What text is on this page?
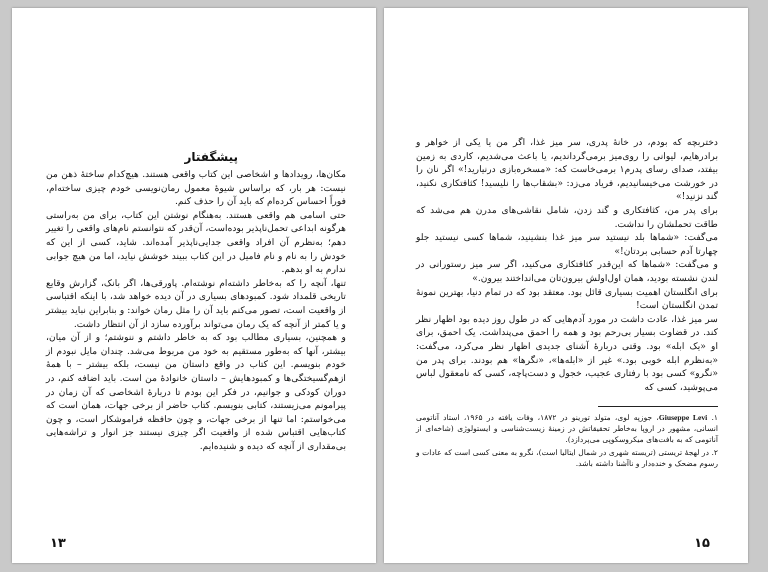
پیشگفتار

مکان‌ها، رویدادها و اشخاصی این کتاب واقعی هستند. هیچ‌کدام ساختهٔ ذهن من نیست: هر بار، که براساس شیوهٔ معمول رمان‌نویسی خودم چیزی ساخته‌ام، فوراً احساس کرده‌ام که باید آن را حذف کنم.

حتی اسامی هم واقعی هستند. به‌هنگام نوشتن این کتاب، برای من به‌راستی هرگونه ابداعی تحمل‌ناپذیر بوده‌است، آن‌قدر که نتوانستم نام‌های واقعی را تغییر دهم؛ به‌نظرم آن افراد واقعی جدایی‌ناپذیر آمده‌اند. شاید، کسی از این که خودش را به نام و نام فامیل در این کتاب ببیند خوشش نیاید، اما من هیچ جوابی ندارم به او بدهم.

تنها، آنچه را که به‌خاطر داشته‌ام نوشته‌ام. پاورقی‌ها، اگر بانک، گزارش وقایع تاریخی قلمداد شود. کمبودهای بسیاری در آن دیده خواهد شد، با اینکه اقتباسی از واقعیت است، تصور می‌کنم باید آن را مثل رمان خواند: و بنابراین نباید بیشتر و یا کمتر از آنچه که یک رمان می‌تواند برآورده سازد از آن انتظار داشت.

و همچنین، بسیاری مطالب بود که به خاطر داشتم و ننوشتم؛ و از آن میان، بیشتر، آنها که به‌طور مستقیم به خود من مربوط می‌شد. چندان مایل نبودم از خودم بنویسم. این کتاب در واقع داستان من نیست، بلکه بیشتر – با همهٔ ازهم‌گسیختگی‌ها و کمبودهایش – داستان خانوادهٔ من است. باید اضافه کنم، در دوران کودکی و جوانیم، در فکر این بودم تا دربارهٔ اشخاصی که آن زمان در پیرامونم می‌زیستند، کتابی بنویسم. کتاب حاضر از برخی جهات، همان است که می‌خواستم: اما تنها از برخی جهات، و چون حافظه فراموشکار است، و چون کتاب‌هایی اقتباس شده از واقعیت اگر چیزی نیستند جز انوار و تراشه‌هایی بی‌مقداری از آنچه که دیده و شنیده‌ایم.

۱۳

دختربچه که بودم، در خانهٔ پدری، سر میز غذا، اگر من یا یکی از خواهر و برادرهایم، لیوانی را روی‌میز برمی‌گرداندیم، یا باعث می‌شدیم، کاردی به زمین بیفتد، صدای رسای پدرم۱ برمی‌خاست که: «مسخره‌بازی درنیارید!» اگر نان را در خورشت می‌خیسانیدیم، فریاد می‌زد: «بشقاب‌ها را نلیسید! کثافتکاری نکنید، گند نزنید!»

برای پدر من، کثافتکاری و گند زدن، شامل نقاشی‌های مدرن هم می‌شد که طاقت تحملشان را نداشت.

می‌گفت: «شماها بلد نیستید سر میز غذا بنشینید، شماها کسی نیستید جلو چهارتا آدم حسابی بردتان!»

و می‌گفت: «شماها که این‌قدر کثافتکاری می‌کنید، اگر سر میز رستورانی در لندن نشسته بودید، همان اول‌اولش بیرون‌تان می‌انداختند بیرون.»

برای انگلستان اهمیت بسیاری قائل بود. معتقد بود که در تمام دنیا، بهترین نمونهٔ تمدن انگلستان است!

سر میز غذا، عادت داشت در مورد آدم‌هایی که در طول روز دیده بود اظهار نظر کند. در قضاوت بسیار بی‌رحم بود و همه را احمق می‌پنداشت. یک احمق، برای او «یک ابله» بود. وقتی دربارهٔ آشنای جدیدی اظهار نظر می‌کرد، می‌گفت: «به‌نظرم ابله خوبی بود.» غیر از «ابله‌ها»، «نگرها» هم بودند. برای پدر من «نگرو» کسی بود با رفتاری عجیب، خجول و دست‌پاچه، کسی که نامعقول لباس می‌پوشید، کسی که

۱. Giuseppe Levi، جوزپه لوی، متولد تورینو در ۱۸۷۲، وفات یافته در ۱۹۶۵، استاد آناتومی انسانی، مشهور در اروپا به‌خاطر تحقیقاتش در زمینهٔ زیست‌شناسی و ایستولوژی (شاخه‌ای از آناتومی که به بافت‌های میکروسکوپی می‌پردازد).

۲. در لهجهٔ تریستی (تریسته شهری در شمال ایتالیا است)، نگرو به معنی کسی است که عادات و رسوم مضحک و خنده‌دار و ناآشنا داشته باشد.

۱۵
